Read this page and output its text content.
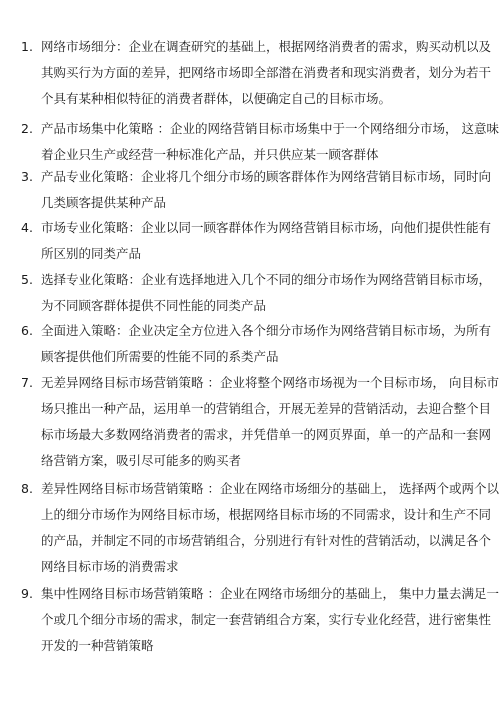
1. 网络市场细分：企业在调查研究的基础上，根据网络消费者的需求，购买动机以及
其购买行为方面的差异，把网络市场即全部潜在消费者和现实消费者，划分为若干
个具有某种相似特征的消费者群体，以便确定自己的目标市场。
2. 产品市场集中化策略 ：企业的网络营销目标市场集中于一个网络细分市场， 这意味
着企业只生产或经营一种标准化产品，并只供应某一顾客群体
3. 产品专业化策略：企业将几个细分市场的顾客群体作为网络营销目标市场，同时向
几类顾客提供某种产品
4. 市场专业化策略：企业以同一顾客群体作为网络营销目标市场，向他们提供性能有
所区别的同类产品
5. 选择专业化策略：企业有选择地进入几个不同的细分市场作为网络营销目标市场，
为不同顾客群体提供不同性能的同类产品
6. 全面进入策略：企业决定全方位进入各个细分市场作为网络营销目标市场，为所有
顾客提供他们所需要的性能不同的系类产品
7. 无差异网络目标市场营销策略 ：企业将整个网络市场视为一个目标市场， 向目标市
场只推出一种产品，运用单一的营销组合，开展无差异的营销活动，去迎合整个目
标市场最大多数网络消费者的需求，并凭借单一的网页界面，单一的产品和一套网
络营销方案，吸引尽可能多的购买者
8. 差异性网络目标市场营销策略 ：企业在网络市场细分的基础上， 选择两个或两个以
上的细分市场作为网络目标市场，根据网络目标市场的不同需求，设计和生产不同
的产品，并制定不同的市场营销组合，分别进行有针对性的营销活动，以满足各个
网络目标市场的消费需求
9. 集中性网络目标市场营销策略 ：企业在网络市场细分的基础上， 集中力量去满足一
个或几个细分市场的需求，制定一套营销组合方案，实行专业化经营，进行密集性
开发的一种营销策略
